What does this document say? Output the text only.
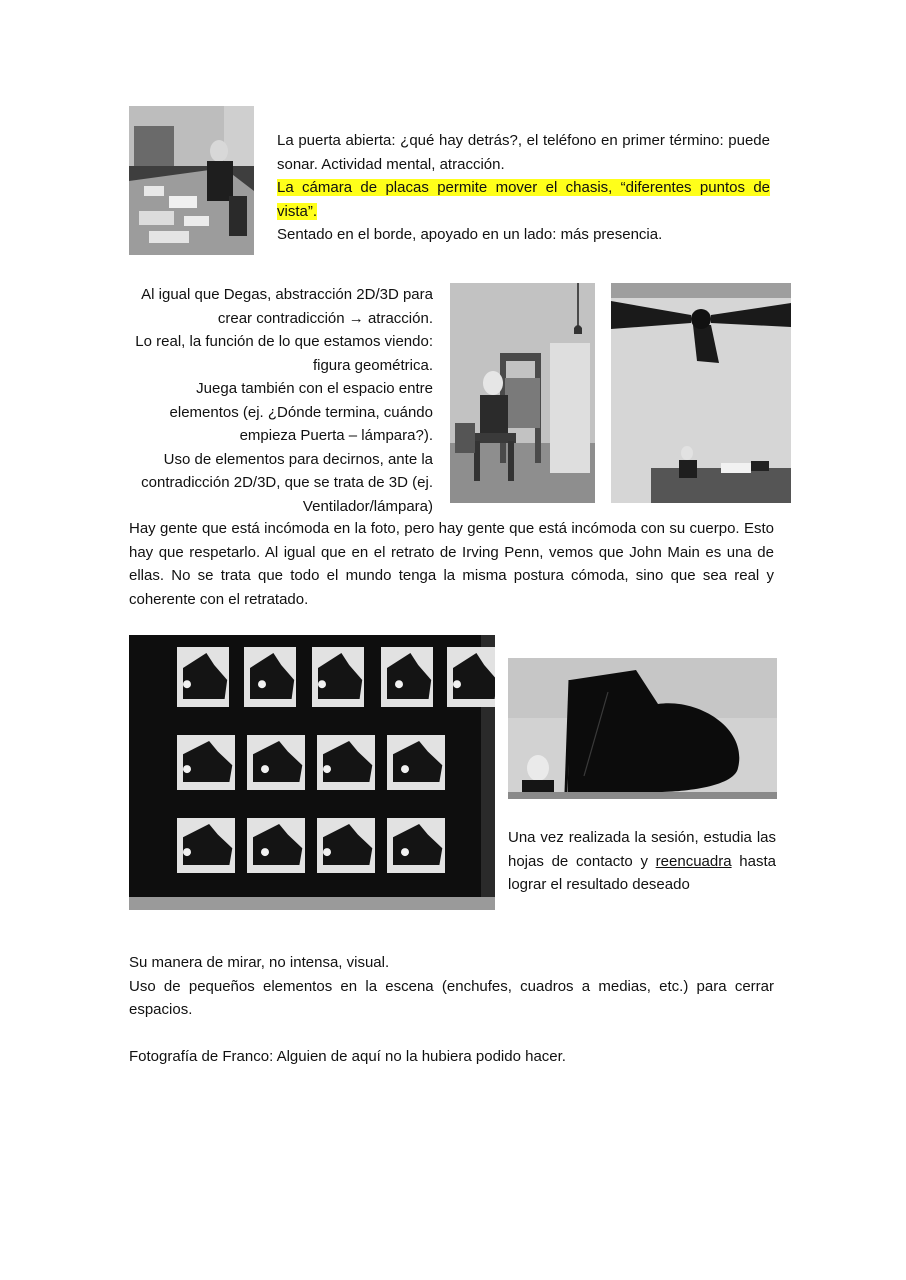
La puerta abierta: ¿qué hay detrás?, el teléfono en primer término: puede sonar. Actividad mental, atracción.
La cámara de placas permite mover el chasis, “diferentes puntos de vista”.
Sentado en el borde, apoyado en un lado: más presencia.
Al igual que Degas, abstracción 2D/3D para
crear contradicción → atracción.
Lo real, la función de lo que estamos viendo:
figura geométrica.
Juega también con el espacio entre
elementos (ej. ¿Dónde termina, cuándo
empieza Puerta – lámpara?).
Uso de elementos para decirnos, ante la
contradicción 2D/3D, que se trata de 3D (ej.
Ventilador/lámpara)
Hay gente que está incómoda en la foto, pero hay gente que está incómoda con su cuerpo. Esto hay que respetarlo. Al igual que en el retrato de Irving Penn, vemos que John Main es una de ellas. No se trata que todo el mundo tenga la misma postura cómoda, sino que sea real y coherente con el retratado.
Una vez realizada la sesión, estudia las hojas de contacto y reencuadra hasta lograr el resultado deseado
Su manera de mirar, no intensa, visual.
Uso de pequeños elementos en la escena (enchufes, cuadros a medias, etc.) para cerrar espacios.
Fotografía de Franco: Alguien de aquí no la hubiera podido hacer.
